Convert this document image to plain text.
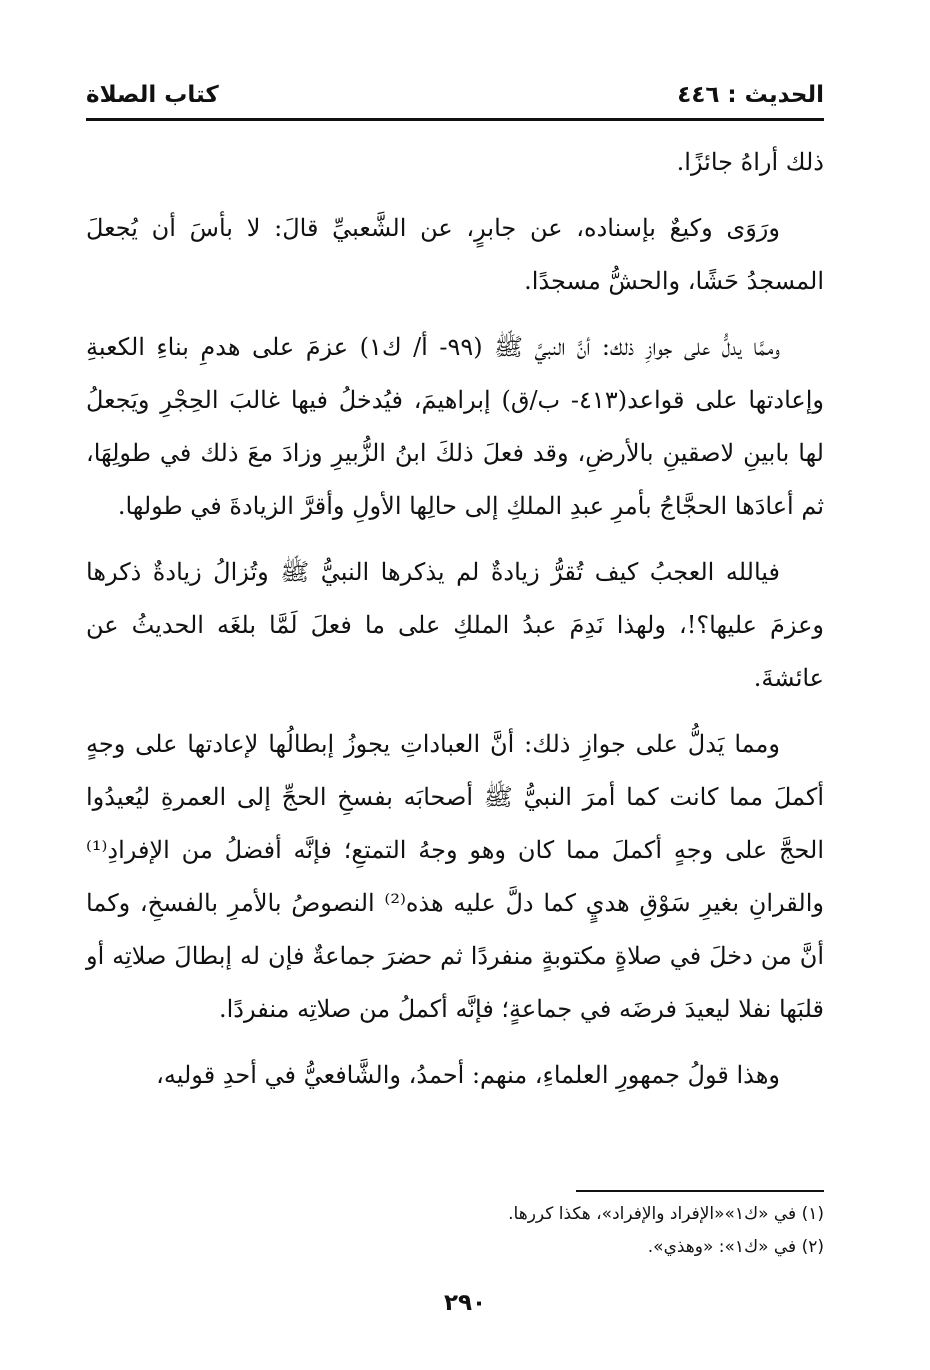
الحديث : ٤٤٦
كتاب الصلاة

ذلك أراهُ جائزًا.

ورَوَى وكيعٌ بإسناده، عن جابرٍ، عن الشَّعبيِّ قالَ: لا بأسَ أن يُجعلَ المسجدُ حَشًا، والحشُّ مسجدًا.

وممَّا يدلُّ على جوازِ ذلك: أنَّ النبيَّ ﷺ (٩٩- أ/ ك١) عزمَ على هدمِ بناءِ الكعبةِ وإعادتها على قواعد(٤١٣- ب/ق) إبراهيمَ، فيُدخلُ فيها غالبَ الحِجْرِ ويَجعلُ لها بابينِ لاصقينِ بالأرضِ، وقد فعلَ ذلكَ ابنُ الزُّبيرِ وزادَ معَ ذلك في طولِهَا، ثم أعادَها الحجَّاجُ بأمرِ عبدِ الملكِ إلى حالِها الأولِ وأقرَّ الزيادةَ في طولها.

فيالله العجبُ كيف تُقرُّ زيادةٌ لم يذكرها النبيُّ ﷺ وتُزالُ زيادةٌ ذكرها وعزمَ عليها؟!، ولهذا نَدِمَ عبدُ الملكِ على ما فعلَ لَمَّا بلغَه الحديثُ عن عائشةَ.

ومما يَدلُّ على جوازِ ذلك: أنَّ العباداتِ يجوزُ إبطالُها لإعادتها على وجهٍ أكملَ مما كانت كما أمرَ النبيُّ ﷺ أصحابَه بفسخِ الحجِّ إلى العمرةِ ليُعيدُوا الحجَّ على وجهٍ أكملَ مما كان وهو وجهُ التمتعِ؛ فإنَّه أفضلُ من الإفرادِ⁽¹⁾ والقرانِ بغيرِ سَوْقِ هديٍ كما دلَّ عليه هذه⁽²⁾ النصوصُ بالأمرِ بالفسخِ، وكما أنَّ من دخلَ في صلاةٍ مكتوبةٍ منفردًا ثم حضرَ جماعةٌ فإن له إبطالَ صلاتِه أو قلبَها نفلا ليعيدَ فرضَه في جماعةٍ؛ فإنَّه أكملُ من صلاتِه منفردًا.

وهذا قولُ جمهورِ العلماءِ، منهم: أحمدُ، والشَّافعيُّ في أحدِ قوليه،

(١) في «ك١»«الإفراد والإفراد»، هكذا كررها.

(٢) في «ك١»: «وهذي».

٢٩٠
